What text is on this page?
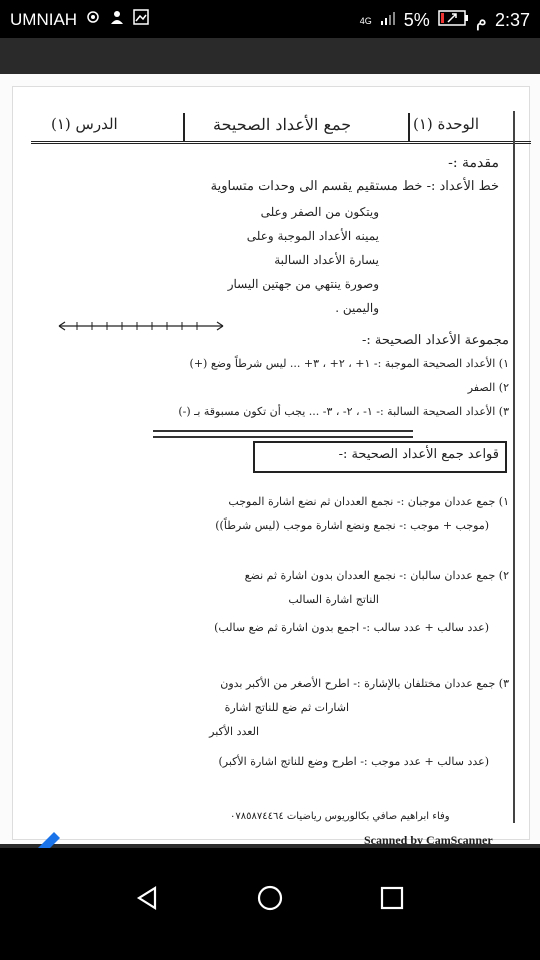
UMNIAH	4G 5%	م 2:37
الدرس (١)	جمع الأعداد الصحيحة	الوحدة (١)
مقدمة :-
خط الأعداد :- خط مستقيم يقسم الى وحدات متساوية
ويتكون من الصفر وعلى
يمينه الأعداد الموجبة وعلى
يسارة الأعداد السالبة
وصورة ينتهي من جهتين اليسار
واليمين .
مجموعة الأعداد الصحيحة :-
١) الأعداد الصحيحة الموجبة :- ١+ ، ٢+ ، ٣+ ... ليس شرطاً وضع (+)
٢) الصفر
٣) الأعداد الصحيحة السالبة :- ١- ، ٢- ، ٣- ... يجب أن تكون مسبوقة بـ (-)
قواعد جمع الأعداد الصحيحة :-
١) جمع عددان موجبان :- نجمع العددان ثم نضع اشارة الموجب
(موجب + موجب :- نجمع ونضع اشارة موجب (ليس شرطاً))
٢) جمع عددان سالبان :- نجمع العددان بدون اشارة ثم نضع
الناتج اشارة السالب
(عدد سالب + عدد سالب :- اجمع بدون اشارة ثم ضع سالب)
٣) جمع عددان مختلفان بالإشارة :- اطرح الأصغر من الأكبر بدون
اشارات ثم ضع للناتج اشارة
العدد الأكبر
(عدد سالب + عدد موجب :- اطرح وضع للناتج اشارة الأكبر)
وفاء ابراهيم صافي بكالوريوس رياضيات ٠٧٨٥٨٧٤٤٦٤
Scanned by CamScanner
